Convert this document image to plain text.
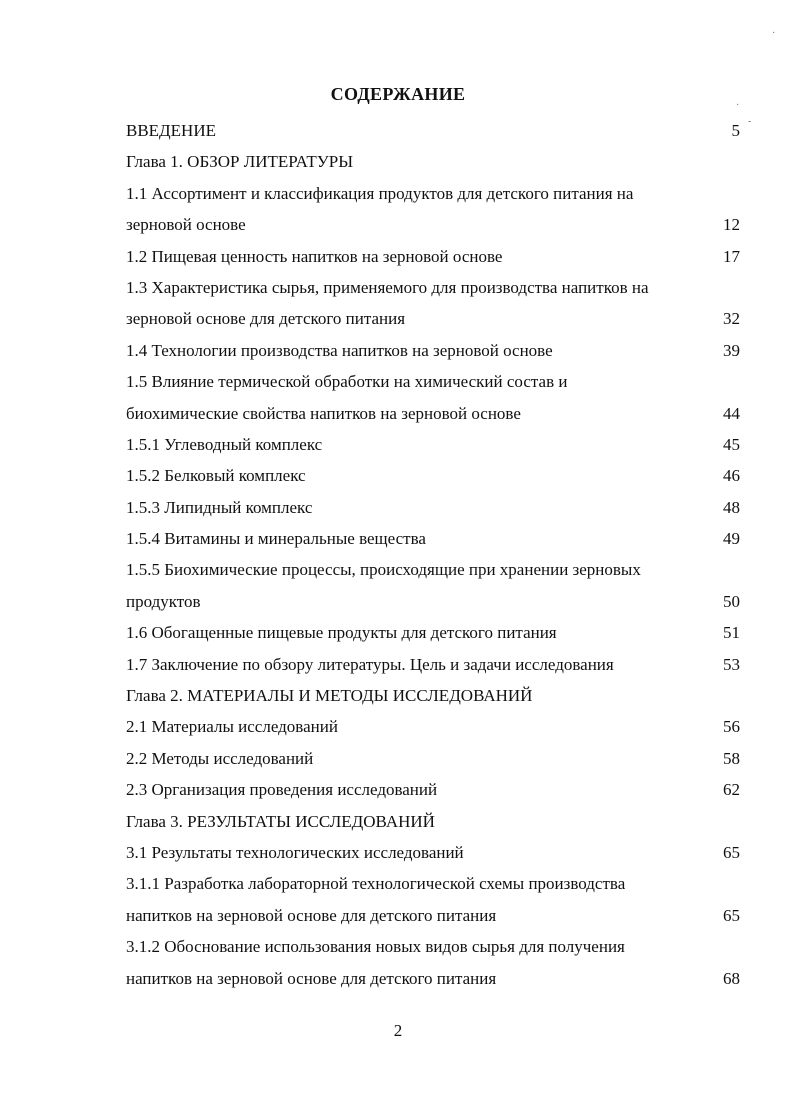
СОДЕРЖАНИЕ
ВВЕДЕНИЕ	5
Глава 1. ОБЗОР ЛИТЕРАТУРЫ
1.1 Ассортимент и классификация продуктов для детского питания на
зерновой основе	12
1.2 Пищевая ценность напитков на зерновой основе	17
1.3 Характеристика сырья, применяемого для производства напитков на
зерновой основе для детского питания	32
1.4 Технологии производства напитков на зерновой основе	39
1.5 Влияние термической обработки на химический состав и
биохимические свойства напитков на зерновой основе	44
1.5.1 Углеводный комплекс	45
1.5.2 Белковый комплекс	46
1.5.3 Липидный комплекс	48
1.5.4 Витамины и минеральные вещества	49
1.5.5 Биохимические процессы, происходящие при хранении зерновых
продуктов	50
1.6 Обогащенные пищевые продукты для детского питания	51
1.7 Заключение по обзору литературы. Цель и задачи исследования	53
Глава 2. МАТЕРИАЛЫ И МЕТОДЫ ИССЛЕДОВАНИЙ
2.1 Материалы исследований	56
2.2 Методы исследований	58
2.3 Организация проведения исследований	62
Глава 3. РЕЗУЛЬТАТЫ ИССЛЕДОВАНИЙ
3.1 Результаты технологических исследований	65
3.1.1 Разработка лабораторной технологической схемы производства
напитков на зерновой основе для детского питания	65
3.1.2 Обоснование использования новых видов сырья для получения
напитков на зерновой основе для детского питания	68
2
·
-
·
